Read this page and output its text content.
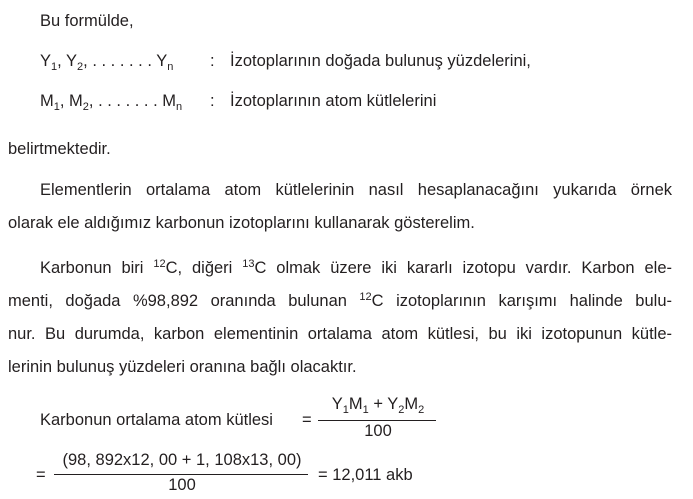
Bu formülde,
$Y_1$, $Y_2$, . . . . . . . $Y_n$ : İzotoplarının doğada bulunuş yüzdelerini,
$M_1$, $M_2$, . . . . . . . $M_n$ : İzotoplarının atom kütlelerini
belirtmektedir.
Elementlerin ortalama atom kütlelerinin nasıl hesaplanacağını yukarıda örnek
olarak ele aldığımız karbonun izotoplarını kullanarak gösterelim.
Karbonun biri $^{12}$C, diğeri $^{13}$C olmak üzere iki kararlı izotopu vardır. Karbon ele-
menti, doğada %98,892 oranında bulunan $^{12}$C izotoplarının karışımı halinde bulu-
nur. Bu durumda, karbon elementinin ortalama atom kütlesi, bu iki izotopunun kütle-
lerinin bulunuş yüzdeleri oranına bağlı olacaktır.
Karbonun ortalama atom kütlesi =
$Y_1M_1 + Y_2M_2$
100
=
(98, 892x12, 00 + 1, 108x13, 00)
100
= 12,011 akb
